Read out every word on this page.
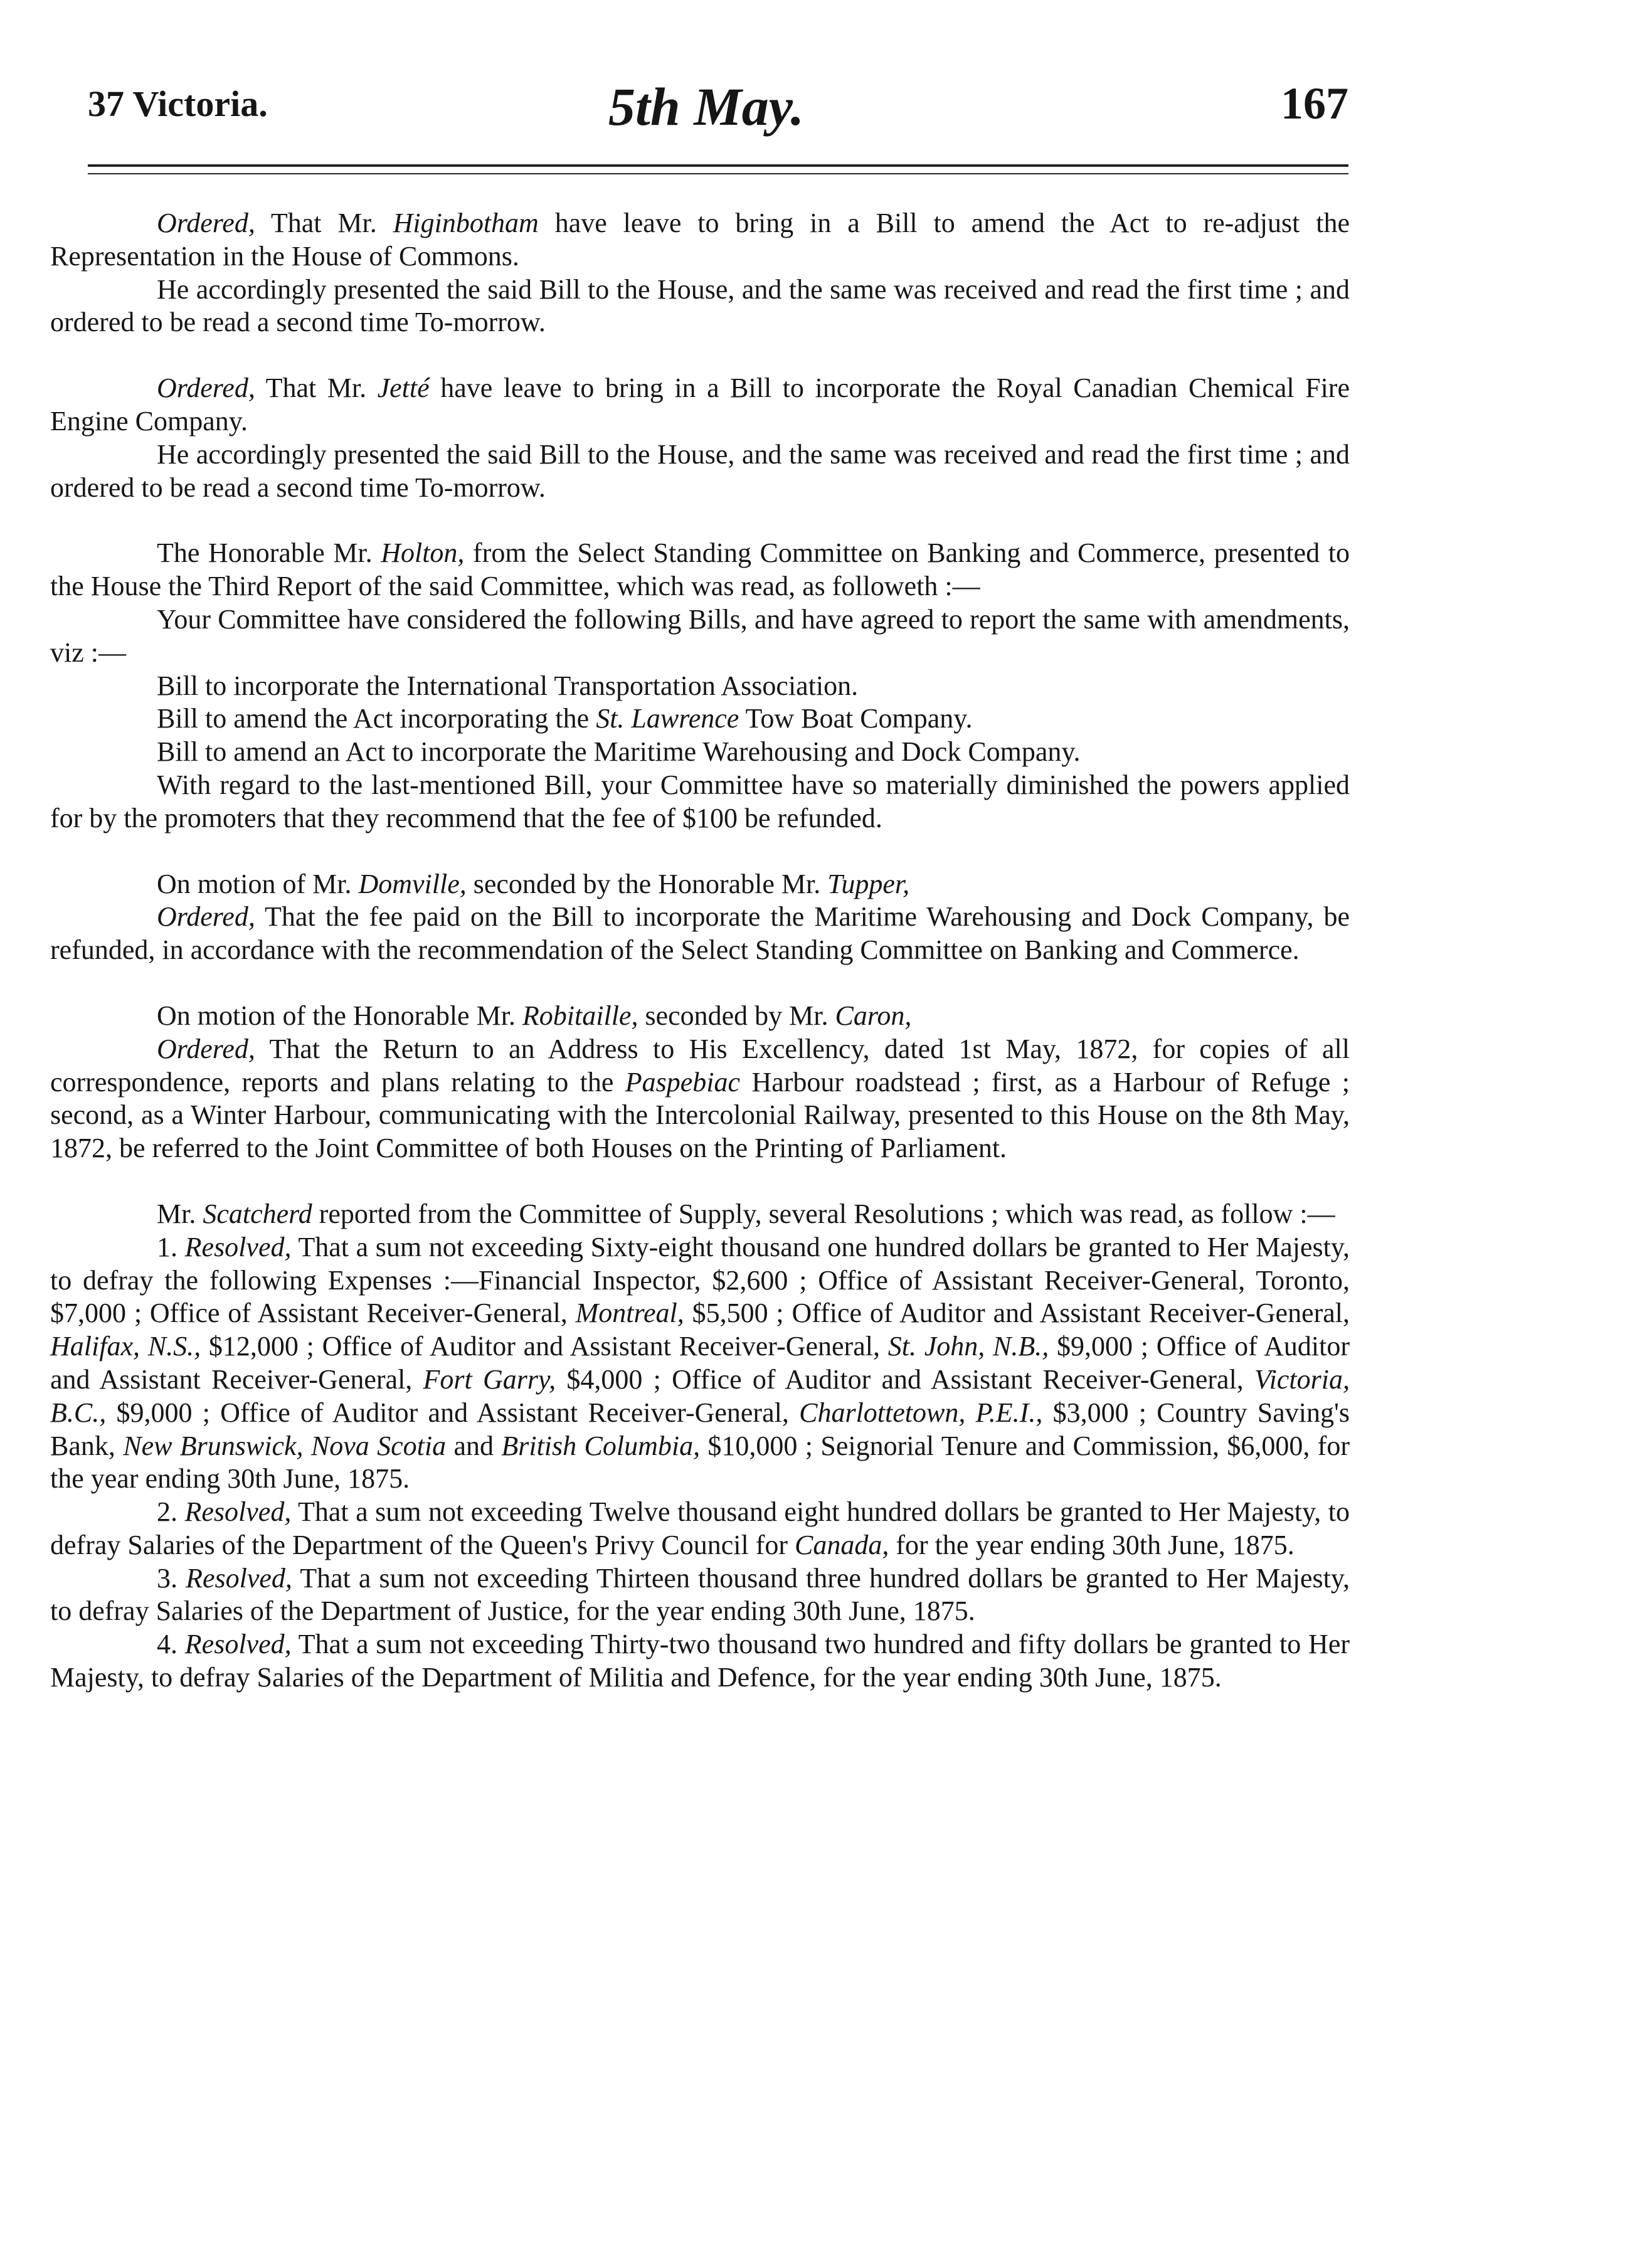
37 Victoria.	5th May.	167

Ordered, That Mr. Higinbotham have leave to bring in a Bill to amend the Act to re-adjust the Representation in the House of Commons.

He accordingly presented the said Bill to the House, and the same was received and read the first time ; and ordered to be read a second time To-morrow.

Ordered, That Mr. Jetté have leave to bring in a Bill to incorporate the Royal Canadian Chemical Fire Engine Company.

He accordingly presented the said Bill to the House, and the same was received and read the first time ; and ordered to be read a second time To-morrow.

The Honorable Mr. Holton, from the Select Standing Committee on Banking and Commerce, presented to the House the Third Report of the said Committee, which was read, as followeth :—

Your Committee have considered the following Bills, and have agreed to report the same with amendments, viz :—

Bill to incorporate the International Transportation Association.

Bill to amend the Act incorporating the St. Lawrence Tow Boat Company.

Bill to amend an Act to incorporate the Maritime Warehousing and Dock Company.

With regard to the last-mentioned Bill, your Committee have so materially diminished the powers applied for by the promoters that they recommend that the fee of $100 be refunded.

On motion of Mr. Domville, seconded by the Honorable Mr. Tupper,

Ordered, That the fee paid on the Bill to incorporate the Maritime Warehousing and Dock Company, be refunded, in accordance with the recommendation of the Select Standing Committee on Banking and Commerce.

On motion of the Honorable Mr. Robitaille, seconded by Mr. Caron,

Ordered, That the Return to an Address to His Excellency, dated 1st May, 1872, for copies of all correspondence, reports and plans relating to the Paspebiac Harbour roadstead ; first, as a Harbour of Refuge ; second, as a Winter Harbour, communicating with the Intercolonial Railway, presented to this House on the 8th May, 1872, be referred to the Joint Committee of both Houses on the Printing of Parliament.

Mr. Scatcherd reported from the Committee of Supply, several Resolutions ; which was read, as follow :—

1. Resolved, That a sum not exceeding Sixty-eight thousand one hundred dollars be granted to Her Majesty, to defray the following Expenses :—Financial Inspector, $2,600 ; Office of Assistant Receiver-General, Toronto, $7,000 ; Office of Assistant Receiver-General, Montreal, $5,500 ; Office of Auditor and Assistant Receiver-General, Halifax, N.S., $12,000 ; Office of Auditor and Assistant Receiver-General, St. John, N.B., $9,000 ; Office of Auditor and Assistant Receiver-General, Fort Garry, $4,000 ; Office of Auditor and Assistant Receiver-General, Victoria, B.C., $9,000 ; Office of Auditor and Assistant Receiver-General, Charlottetown, P.E.I., $3,000 ; Country Saving's Bank, New Brunswick, Nova Scotia and British Columbia, $10,000 ; Seignorial Tenure and Commission, $6,000, for the year ending 30th June, 1875.

2. Resolved, That a sum not exceeding Twelve thousand eight hundred dollars be granted to Her Majesty, to defray Salaries of the Department of the Queen's Privy Council for Canada, for the year ending 30th June, 1875.

3. Resolved, That a sum not exceeding Thirteen thousand three hundred dollars be granted to Her Majesty, to defray Salaries of the Department of Justice, for the year ending 30th June, 1875.

4. Resolved, That a sum not exceeding Thirty-two thousand two hundred and fifty dollars be granted to Her Majesty, to defray Salaries of the Department of Militia and Defence, for the year ending 30th June, 1875.
